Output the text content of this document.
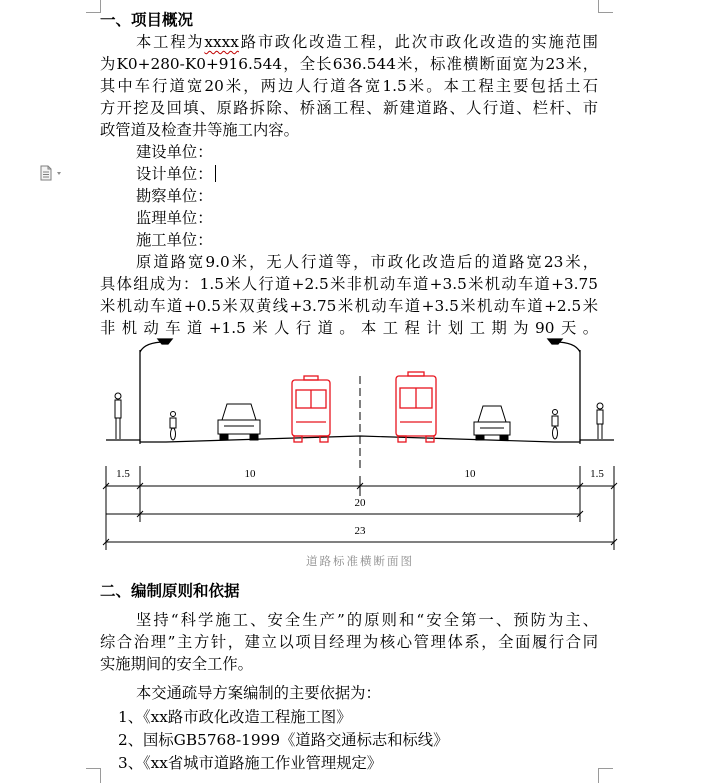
一、项目概况
本工程为xxxx路市政化改造工程，此次市政化改造的实施范围
为K0+280-K0+916.544，全长636.544米，标准横断面宽为23米，
其中车行道宽20米，两边人行道各宽1.5米。本工程主要包括土石
方开挖及回填、原路拆除、桥涵工程、新建道路、人行道、栏杆、市
政管道及检查井等施工内容。
建设单位：
设计单位：
勘察单位：
监理单位：
施工单位：
原道路宽9.0米，无人行道等，市政化改造后的道路宽23米，
具体组成为：1.5米人行道+2.5米非机动车道+3.5米机动车道+3.75
米机动车道+0.5米双黄线+3.75米机动车道+3.5米机动车道+2.5米
非机动车道+1.5米人行道。本工程计划工期为90天。
二、编制原则和依据
坚持“科学施工、安全生产”的原则和“安全第一、预防为主、
综合治理”主方针，建立以项目经理为核心管理体系，全面履行合同
实施期间的安全工作。
本交通疏导方案编制的主要依据为：
1、《xx路市政化改造工程施工图》
2、国标GB5768-1999《道路交通标志和标线》
3、《xx省城市道路施工作业管理规定》
1.5	10	10	1.5
20
23
道路标准横断面图
